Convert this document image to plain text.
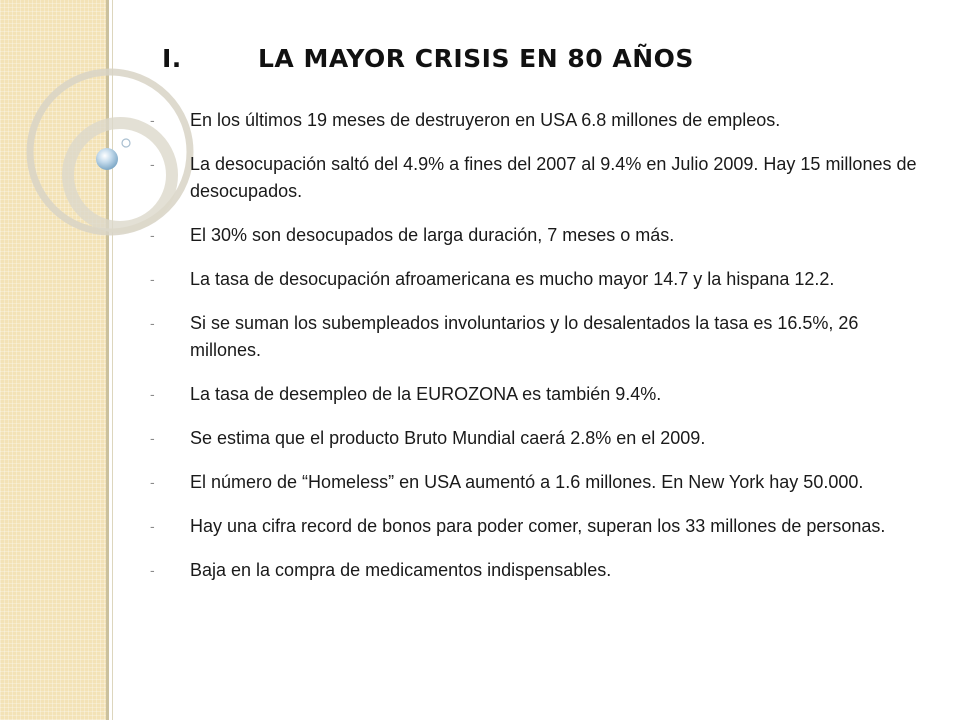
I.	LA MAYOR CRISIS EN 80 AÑOS
-	En los últimos 19 meses de destruyeron en USA 6.8 millones de empleos.
-	La desocupación saltó del 4.9% a fines del 2007 al 9.4% en Julio 2009. Hay 15 millones de desocupados.
-	El 30% son desocupados de larga duración, 7 meses o más.
-	La tasa de desocupación afroamericana es mucho mayor 14.7 y la hispana 12.2.
-	Si se suman los subempleados involuntarios y lo desalentados la tasa es 16.5%, 26 millones.
-	La tasa de desempleo de la EUROZONA es también 9.4%.
-	Se estima que el producto Bruto Mundial caerá 2.8% en el 2009.
-	El número de “Homeless” en USA aumentó a 1.6 millones. En New York hay 50.000.
-	Hay una cifra record de bonos para poder comer, superan los 33 millones de personas.
-	Baja en la compra de medicamentos indispensables.
